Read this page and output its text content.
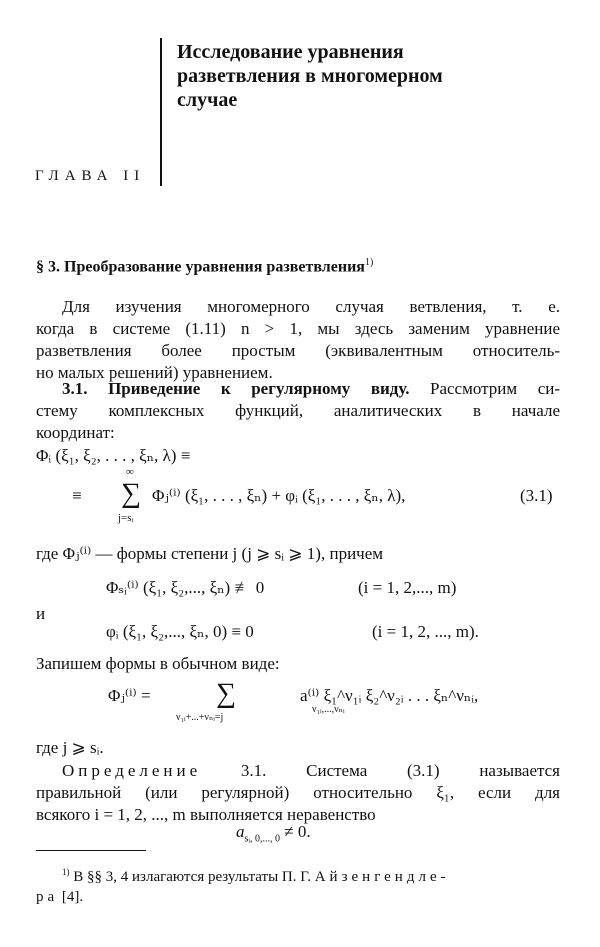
Исследование уравнения
разветвления в многомерном
случае
ГЛАВА II
§ 3. Преобразование уравнения разветвления$^{1)}$
Для изучения многомерного случая ветвления, т. е.
когда в системе (1.11) n > 1, мы здесь заменим уравнение
разветвления более простым (эквивалентным относитель-
но малых решений) уравнением.
3.1. Приведение к регулярному виду. Рассмотрим си-
стему комплексных функций, аналитических в начале
координат:
Φᵢ (ξ₁, ξ₂, . . . , ξₙ, λ) ≡
≡
∞
∑
j=sᵢ
Φⱼ⁽ⁱ⁾ (ξ₁, . . . , ξₙ) + φᵢ (ξ₁, . . . , ξₙ, λ),	(3.1)
где Φⱼ⁽ⁱ⁾ — формы степени j (j ⩾ sᵢ ⩾ 1), причем
Φₛᵢ⁽ⁱ⁾ (ξ₁, ξ₂,..., ξₙ) ≢ 0	(i = 1, 2,..., m)
и
φᵢ (ξ₁, ξ₂,..., ξₙ, 0) ≡ 0	(i = 1, 2, ..., m).
Запишем формы в обычном виде:
Φⱼ⁽ⁱ⁾ = ∑
ν₁ᵢ+...+νₙᵢ=j
a⁽ⁱ⁾ ξ₁^ν₁ᵢ ξ₂^ν₂ᵢ . . . ξₙ^νₙᵢ,
ν₁ᵢ,...,νₙᵢ
где j ⩾ sᵢ.
Определение 3.1. Система (3.1) называется
правильной (или регулярной) относительно ξ₁, если для
всякого i = 1, 2, ..., m выполняется неравенство
$a_{sᵢ, 0,..., 0} \ne 0$.
$^{1)}$ В §§ 3, 4 излагаются результаты П. Г. Айзенгендле-
ра [4].
